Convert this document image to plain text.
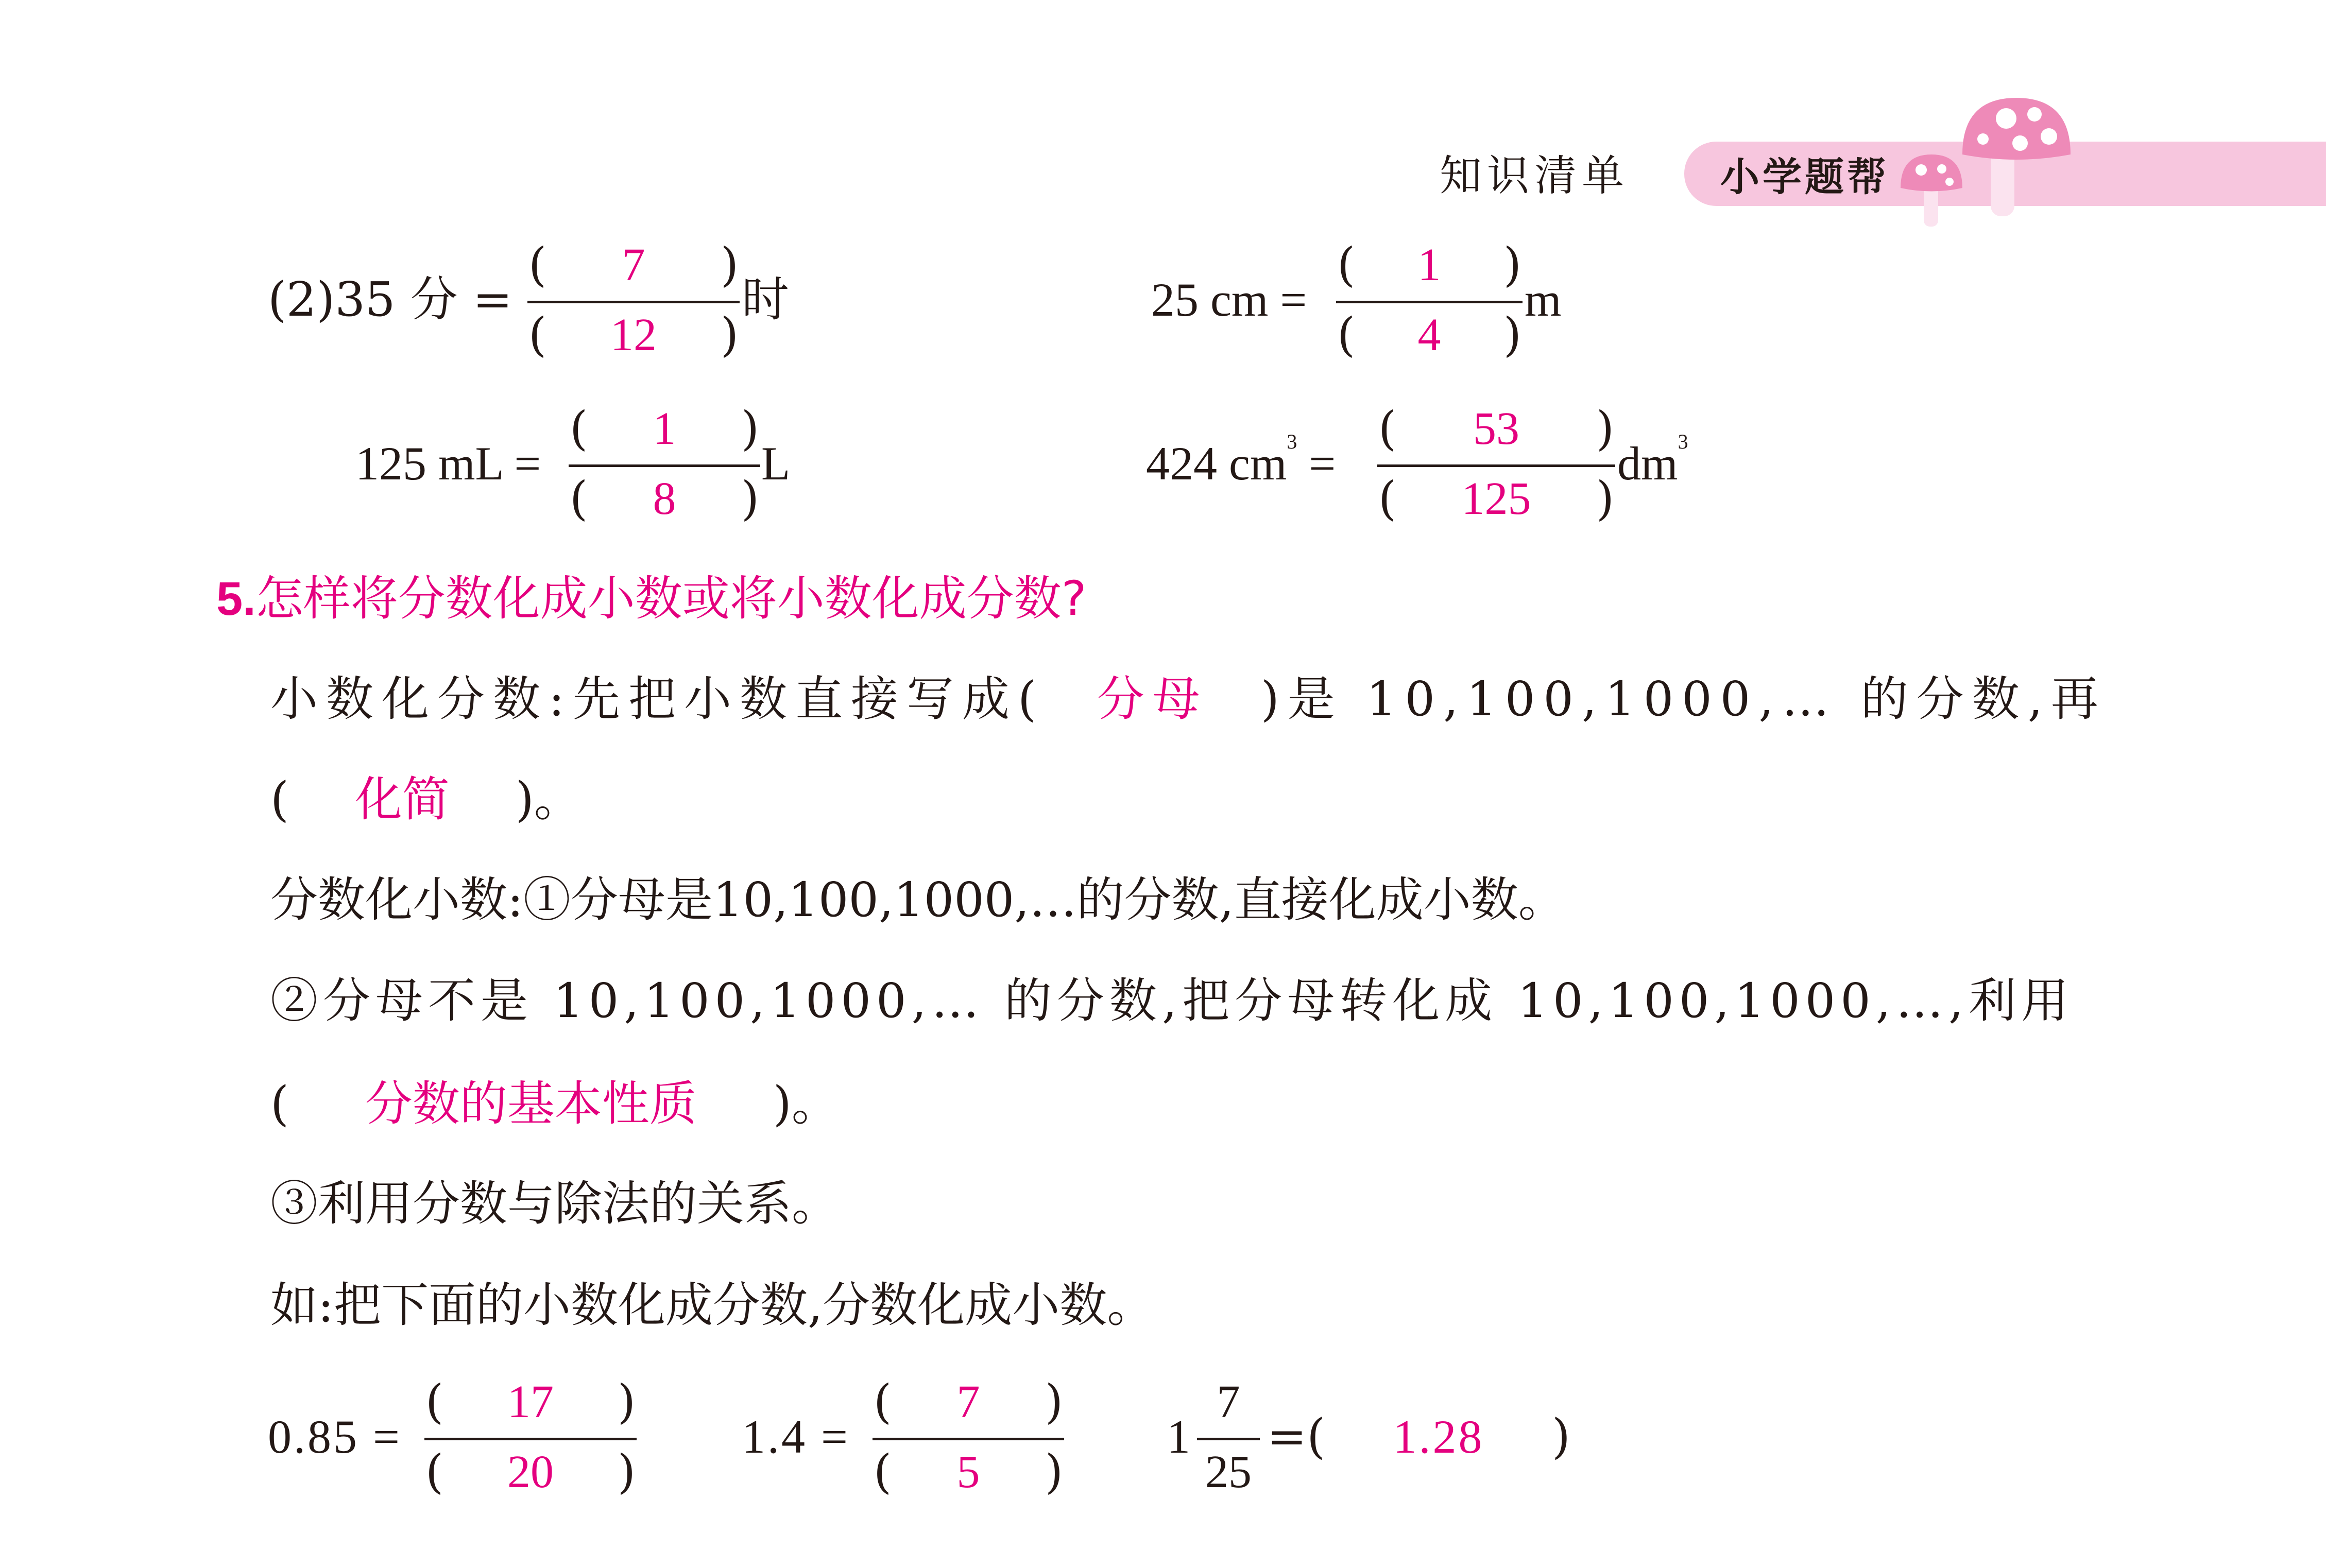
知识清单 小学题帮
(2)35 分 =
(	7	)
(	12	)
时	25 cm =
(	1	)
(	4	)
m
125 mL =
(	1	)
(	8	)
L	424 $cm^3$ =
(	53	)
(	125	)
$dm^3$
5.怎样将分数化成小数或将小数化成分数?
小数化分数:先把小数直接写成( 分母 )是 10,100,1000,… 的分数,再
( 化简 )。
分数化小数:①分母是10,100,1000,…的分数,直接化成小数。
②分母不是 10,100,1000,… 的分数,把分母转化成 10,100,1000,…,利用
( 分数的基本性质 )。
③利用分数与除法的关系。
如:把下面的小数化成分数,分数化成小数。
0.85 =
(	17	)
(	20	)
1.4 =
(	7	)
(	5	)
1
7
25
=( 1.28 )
